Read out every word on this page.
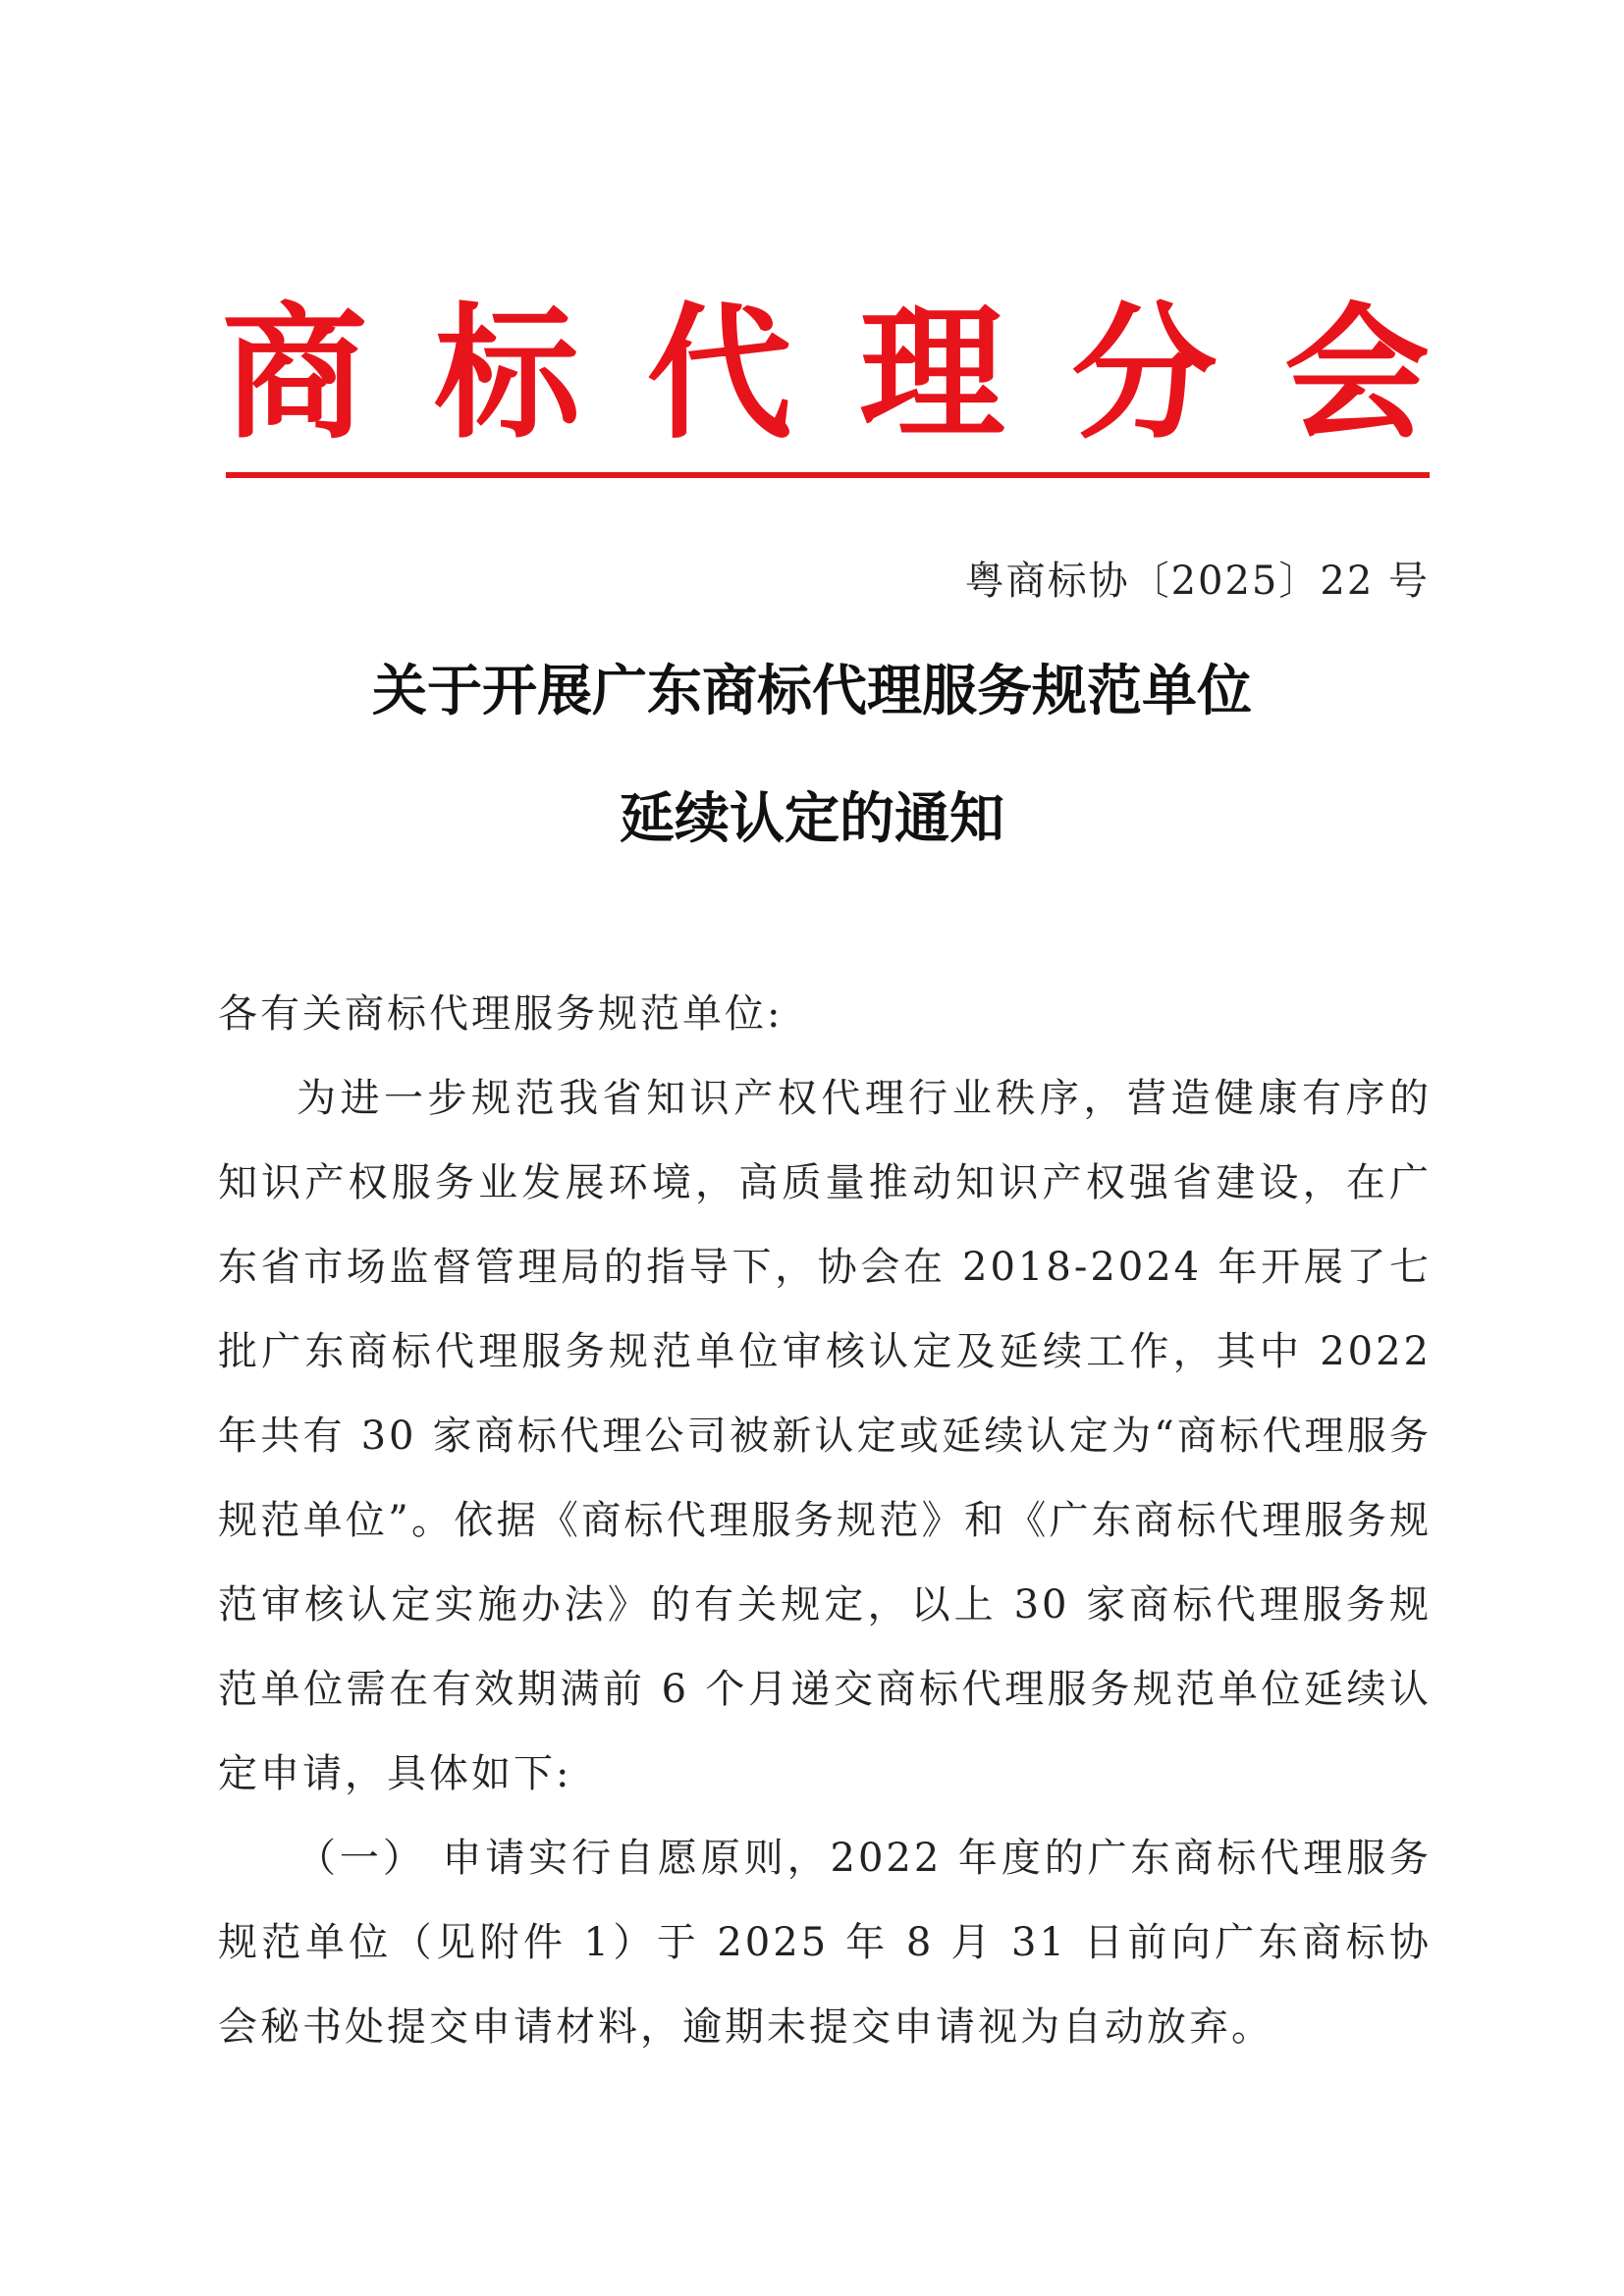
商 标 代 理 分 会
粤商标协〔2025〕22 号
关于开展广东商标代理服务规范单位
延续认定的通知

各有关商标代理服务规范单位:

为进一步规范我省知识产权代理行业秩序，营造健康有序的知识产权服务业发展环境，高质量推动知识产权强省建设，在广东省市场监督管理局的指导下，协会在 2018-2024 年开展了七批广东商标代理服务规范单位审核认定及延续工作，其中 2022 年共有 30 家商标代理公司被新认定或延续认定为“商标代理服务规范单位”。依据《商标代理服务规范》和《广东商标代理服务规范审核认定实施办法》的有关规定，以上 30 家商标代理服务规范单位需在有效期满前 6 个月递交商标代理服务规范单位延续认定申请，具体如下:

（一） 申请实行自愿原则，2022 年度的广东商标代理服务规范单位（见附件 1）于 2025 年 8 月 31 日前向广东商标协会秘书处提交申请材料，逾期未提交申请视为自动放弃。
